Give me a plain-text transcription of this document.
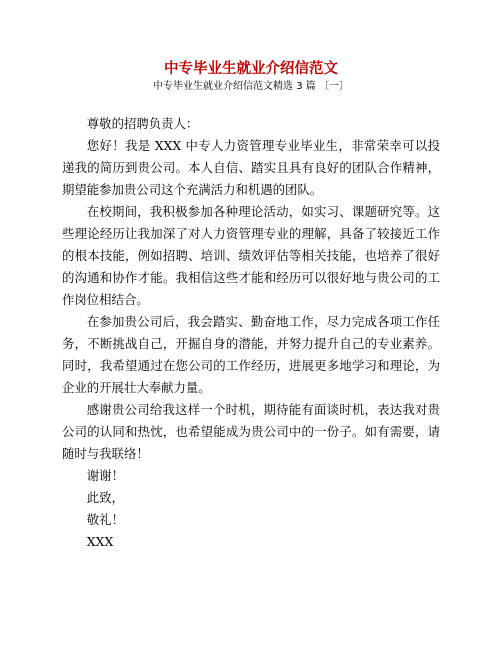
中专毕业生就业介绍信范文
中专毕业生就业介绍信范文精选 3 篇 〔一〕

尊敬的招聘负责人：

您好！我是 XXX 中专人力资管理专业毕业生，非常荣幸可以投递我的简历到贵公司。本人自信、踏实且具有良好的团队合作精神，期望能参加贵公司这个充满活力和机遇的团队。

在校期间，我积极参加各种理论活动，如实习、课题研究等。这些理论经历让我加深了对人力资管理专业的理解，具备了较接近工作的根本技能，例如招聘、培训、绩效评估等相关技能，也培养了很好的沟通和协作才能。我相信这些才能和经历可以很好地与贵公司的工作岗位相结合。

在参加贵公司后，我会踏实、勤奋地工作，尽力完成各项工作任务，不断挑战自己，开掘自身的潜能，并努力提升自己的专业素养。同时，我希望通过在您公司的工作经历，进展更多地学习和理论，为企业的开展壮大奉献力量。

感谢贵公司给我这样一个时机，期待能有面谈时机，表达我对贵公司的认同和热忱，也希望能成为贵公司中的一份子。如有需要，请随时与我联络！

谢谢！

此致，

敬礼！

XXX
